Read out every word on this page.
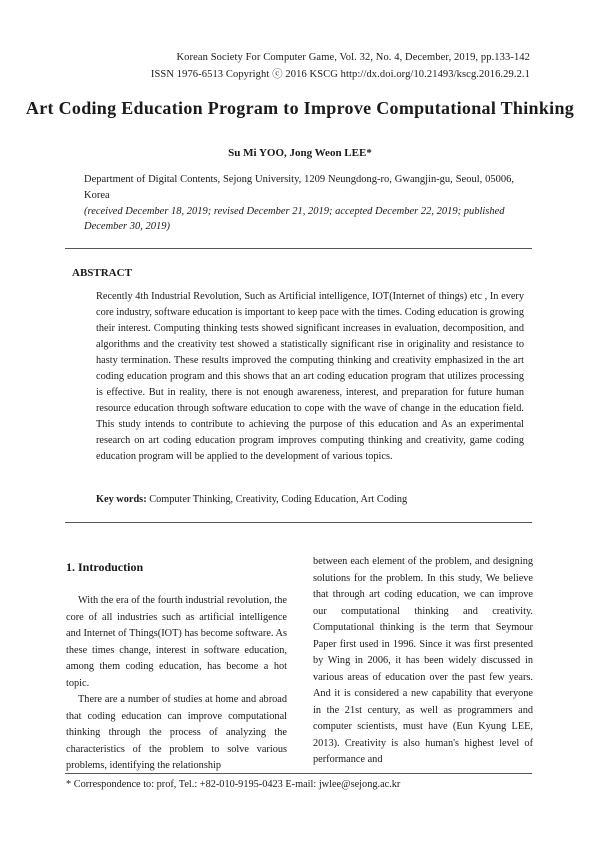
Korean Society For Computer Game, Vol. 32, No. 4, December, 2019, pp.133-142
ISSN 1976-6513 Copyright ⓒ 2016 KSCG http://dx.doi.org/10.21493/kscg.2016.29.2.1
Art Coding Education Program to Improve Computational Thinking
Su Mi YOO, Jong Weon LEE*
Department of Digital Contents, Sejong University, 1209 Neungdong-ro, Gwangjin-gu, Seoul, 05006, Korea
(received December 18, 2019; revised December 21, 2019; accepted December 22, 2019; published December 30, 2019)
ABSTRACT
Recently 4th Industrial Revolution, Such as Artificial intelligence, IOT(Internet of things) etc , In every core industry, software education is important to keep pace with the times. Coding education is growing their interest. Computing thinking tests showed significant increases in evaluation, decomposition, and algorithms and the creativity test showed a statistically significant rise in originality and resistance to hasty termination. These results improved the computing thinking and creativity emphasized in the art coding education program and this shows that an art coding education program that utilizes processing is effective. But in reality, there is not enough awareness, interest, and preparation for future human resource education through software education to cope with the wave of change in the education field. This study intends to contribute to achieving the purpose of this education and As an experimental research on art coding education program improves computing thinking and creativity, game coding education program will be applied to the development of various topics.
Key words: Computer Thinking, Creativity, Coding Education, Art Coding
1. Introduction

With the era of the fourth industrial revolution, the core of all industries such as artificial intelligence and Internet of Things(IOT) has become software. As these times change, interest in software education, among them coding education, has become a hot topic.

There are a number of studies at home and abroad that coding education can improve computational thinking through the process of analyzing the characteristics of the problem to solve various problems, identifying the relationship

between each element of the problem, and designing solutions for the problem. In this study, We believe that through art coding education, we can improve our computational thinking and creativity. Computational thinking is the term that Seymour Paper first used in 1996. Since it was first presented by Wing in 2006, it has been widely discussed in various areas of education over the past few years. And it is considered a new capability that everyone in the 21st century, as well as programmers and computer scientists, must have (Eun Kyung LEE, 2013). Creativity is also human's highest level of performance and

* Correspondence to: prof, Tel.: +82-010-9195-0423 E-mail: jwlee@sejong.ac.kr
